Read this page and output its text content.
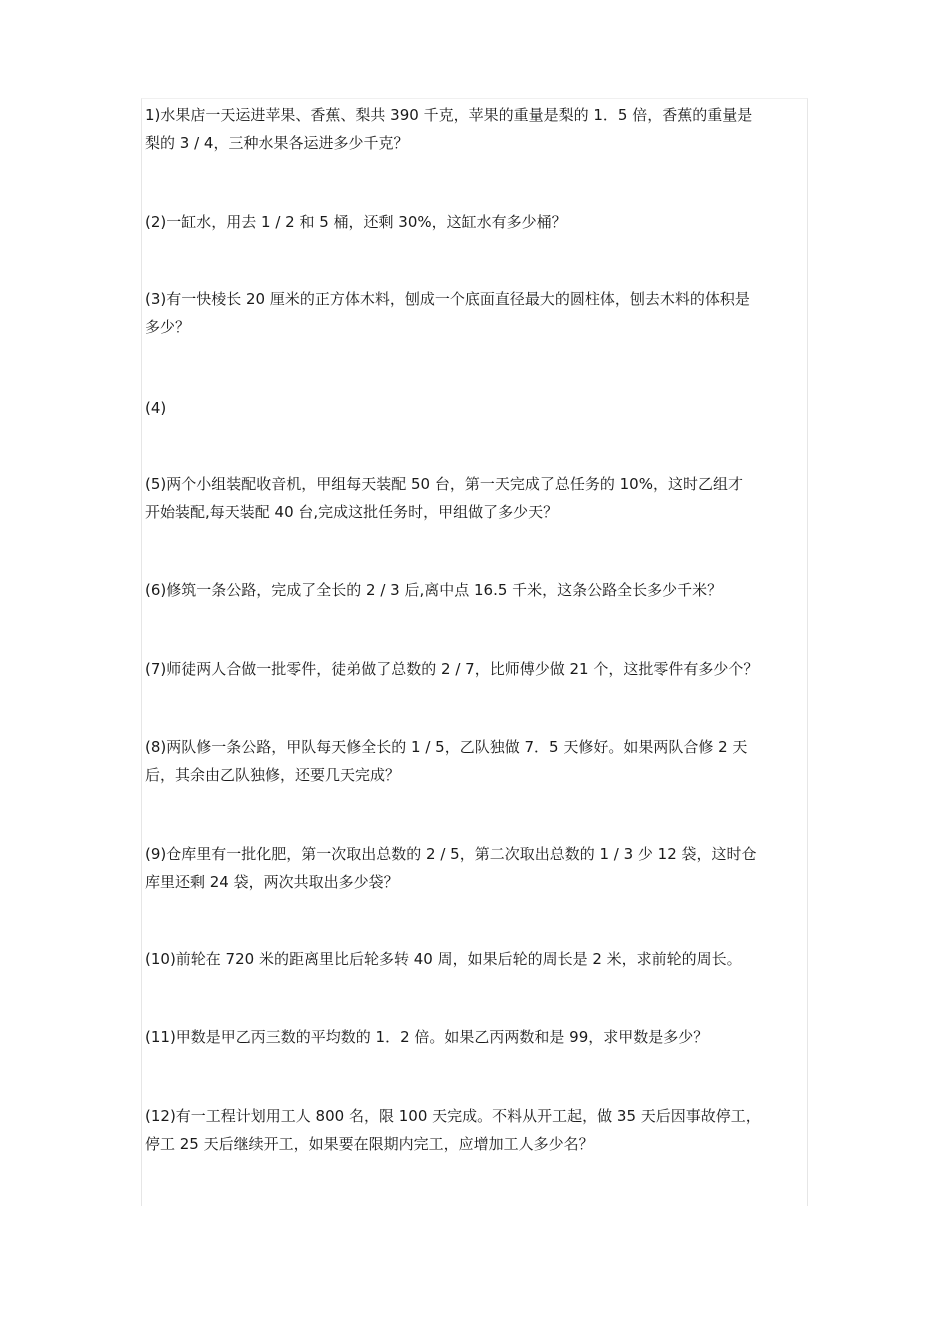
1)水果店一天运进苹果、香蕉、梨共 390 千克，苹果的重量是梨的 1．5 倍，香蕉的重量是
梨的 3 / 4，三种水果各运进多少千克？
(2)一缸水，用去 1 / 2 和 5 桶，还剩 30%，这缸水有多少桶？
(3)有一快棱长 20 厘米的正方体木料，刨成一个底面直径最大的圆柱体，刨去木料的体积是
多少？
(4)
(5)两个小组装配收音机，甲组每天装配 50 台，第一天完成了总任务的 10%，这时乙组才
开始装配,每天装配 40 台,完成这批任务时，甲组做了多少天？
(6)修筑一条公路，完成了全长的 2 / 3 后,离中点 16.5 千米，这条公路全长多少千米？
(7)师徒两人合做一批零件，徒弟做了总数的 2 / 7，比师傅少做 21 个，这批零件有多少个？
(8)两队修一条公路，甲队每天修全长的 1 / 5，乙队独做 7．5 天修好。如果两队合修 2 天
后，其余由乙队独修，还要几天完成？
(9)仓库里有一批化肥，第一次取出总数的 2 / 5，第二次取出总数的 1 / 3 少 12 袋，这时仓
库里还剩 24 袋，两次共取出多少袋？
(10)前轮在 720 米的距离里比后轮多转 40 周，如果后轮的周长是 2 米，求前轮的周长。
(11)甲数是甲乙丙三数的平均数的 1．2 倍。如果乙丙两数和是 99，求甲数是多少？
(12)有一工程计划用工人 800 名，限 100 天完成。不料从开工起，做 35 天后因事故停工，
停工 25 天后继续开工，如果要在限期内完工，应增加工人多少名？
